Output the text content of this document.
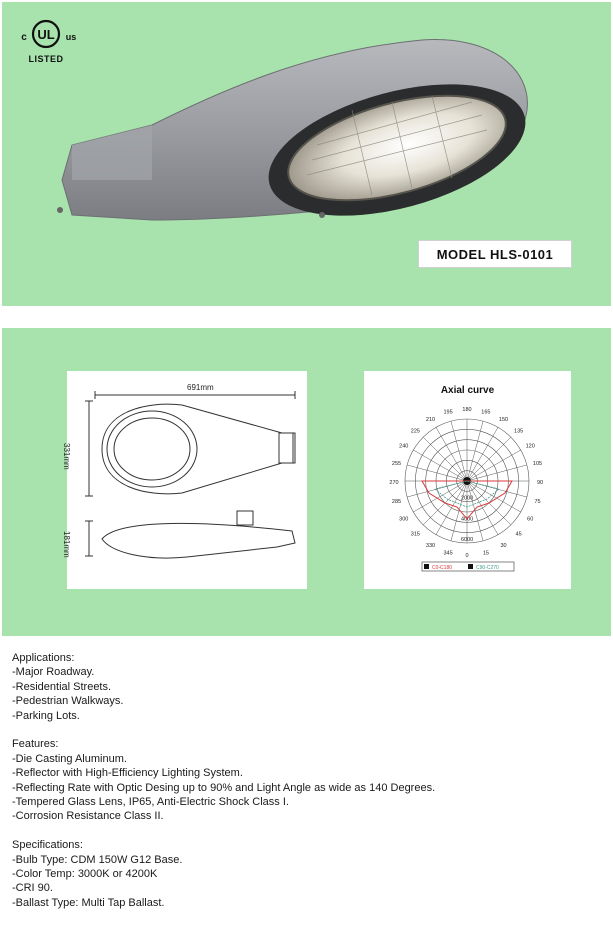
UL
c	us
LISTED
MODEL HLS-0101
691mm
331mm
181mm
Axial curve
180
195
210
225
240
255
270
285
300
315
330
345 0	15
30
45
60
75
90
105
120
135
150
165
2000
4000
6000
C0-C180	C90-C270
Applications:
-Major Roadway.
-Residential Streets.
-Pedestrian Walkways.
-Parking Lots.
Features:
-Die Casting Aluminum.
-Reflector with High-Efficiency Lighting System.
-Reflecting Rate with Optic Desing up to 90% and Light Angle as wide as 140 Degrees.
-Tempered Glass Lens, IP65, Anti-Electric Shock Class I.
-Corrosion Resistance Class II.
Specifications:
-Bulb Type: CDM 150W G12 Base.
-Color Temp: 3000K or 4200K
-CRI 90.
-Ballast Type: Multi Tap Ballast.
